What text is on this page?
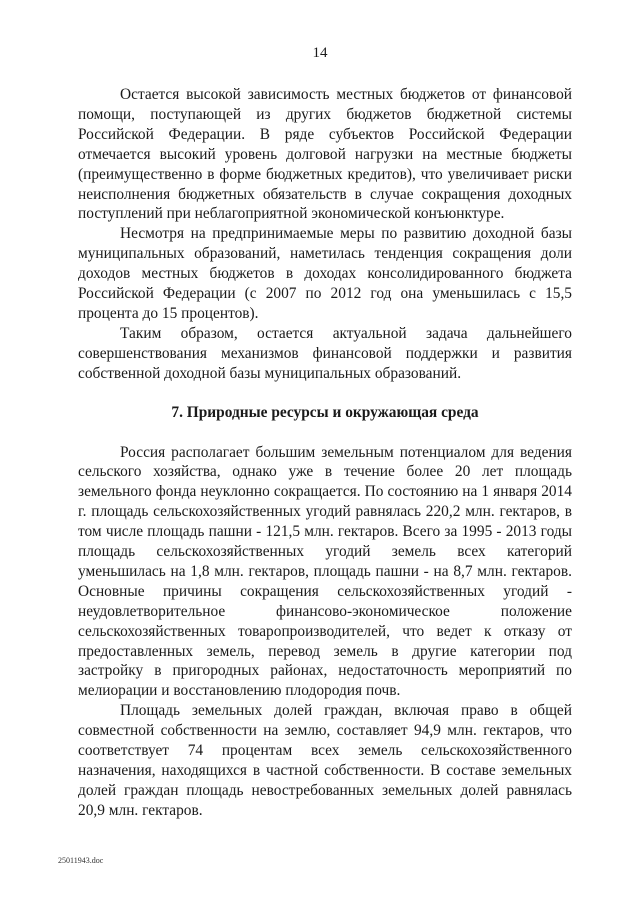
14

Остается высокой зависимость местных бюджетов от финансовой помощи, поступающей из других бюджетов бюджетной системы Российской Федерации. В ряде субъектов Российской Федерации отмечается высокий уровень долговой нагрузки на местные бюджеты (преимущественно в форме бюджетных кредитов), что увеличивает риски неисполнения бюджетных обязательств в случае сокращения доходных поступлений при неблагоприятной экономической конъюнктуре.

Несмотря на предпринимаемые меры по развитию доходной базы муниципальных образований, наметилась тенденция сокращения доли доходов местных бюджетов в доходах консолидированного бюджета Российской Федерации (с 2007 по 2012 год она уменьшилась с 15,5 процента до 15 процентов).

Таким образом, остается актуальной задача дальнейшего совершенствования механизмов финансовой поддержки и развития собственной доходной базы муниципальных образований.

7. Природные ресурсы и окружающая среда

Россия располагает большим земельным потенциалом для ведения сельского хозяйства, однако уже в течение более 20 лет площадь земельного фонда неуклонно сокращается. По состоянию на 1 января 2014 г. площадь сельскохозяйственных угодий равнялась 220,2 млн. гектаров, в том числе площадь пашни - 121,5 млн. гектаров. Всего за 1995 - 2013 годы площадь сельскохозяйственных угодий земель всех категорий уменьшилась на 1,8 млн. гектаров, площадь пашни - на 8,7 млн. гектаров. Основные причины сокращения сельскохозяйственных угодий - неудовлетворительное финансово-экономическое положение сельскохозяйственных товаропроизводителей, что ведет к отказу от предоставленных земель, перевод земель в другие категории под застройку в пригородных районах, недостаточность мероприятий по мелиорации и восстановлению плодородия почв.

Площадь земельных долей граждан, включая право в общей совместной собственности на землю, составляет 94,9 млн. гектаров, что соответствует 74 процентам всех земель сельскохозяйственного назначения, находящихся в частной собственности. В составе земельных долей граждан площадь невостребованных земельных долей равнялась 20,9 млн. гектаров.

25011943.doc
